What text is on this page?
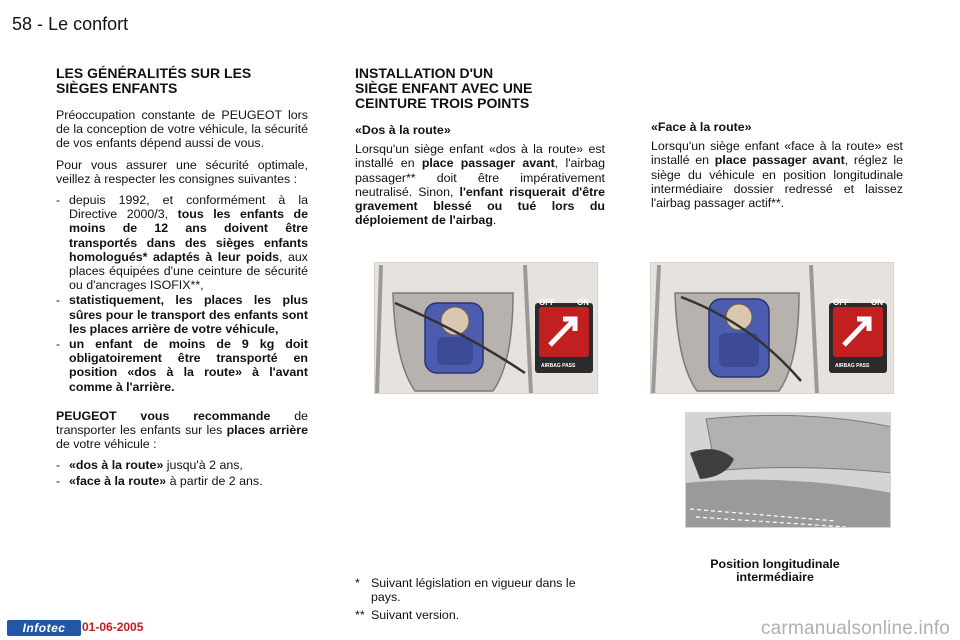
58 - Le confort
LES GÉNÉRALITÉS SUR LES
SIÈGES ENFANTS

Préoccupation constante de PEUGEOT lors de la conception de votre véhicule, la sécurité de vos enfants dépend aussi de vous.

Pour vous assurer une sécurité optimale, veillez à respecter les consignes suivantes :

- depuis 1992, et conformément à la Directive 2000/3, tous les enfants de moins de 12 ans doivent être transportés dans des sièges enfants homologués* adaptés à leur poids, aux places équipées d'une ceinture de sécurité ou d'ancrages ISOFIX**,
- statistiquement, les places les plus sûres pour le transport des enfants sont les places arrière de votre véhicule,
- un enfant de moins de 9 kg doit obligatoirement être transporté en position «dos à la route» à l'avant comme à l'arrière.

PEUGEOT vous recommande de transporter les enfants sur les places arrière de votre véhicule :

- «dos à la route» jusqu'à 2 ans,
- «face à la route» à partir de 2 ans.
INSTALLATION D'UN
SIÈGE ENFANT AVEC UNE
CEINTURE TROIS POINTS

«Dos à la route»

Lorsqu'un siège enfant «dos à la route» est installé en place passager avant, l'airbag passager** doit être impérativement neutralisé. Sinon, l'enfant risquerait d'être gravement blessé ou tué lors du déploiement de l'airbag.

«Face à la route»

Lorsqu'un siège enfant «face à la route» est installé en place passager avant, réglez le siège du véhicule en position longitudinale intermédiaire dossier redressé et laissez l'airbag passager actif**.

OFF	ON
AIRBAG PASS
OFF	ON
AIRBAG PASS
Position longitudinale
intermédiaire
* Suivant législation en vigueur dans le pays.
** Suivant version.
Infotec	01-06-2005	carmanualsonline.info
